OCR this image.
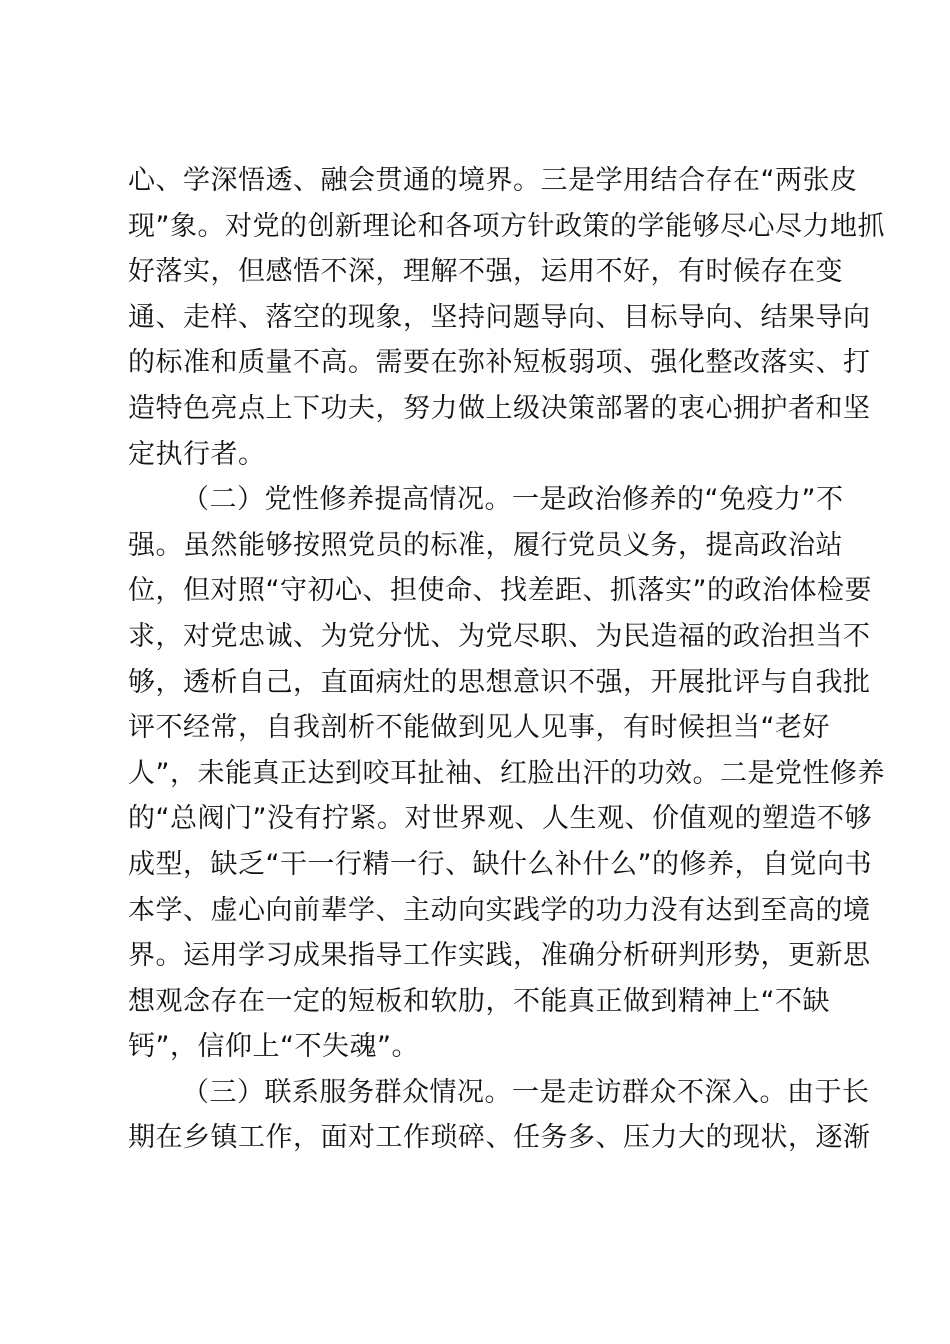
心、学深悟透、融会贯通的境界。三是学用结合存在“两张皮
现”象。对党的创新理论和各项方针政策的学能够尽心尽力地抓
好落实，但感悟不深，理解不强，运用不好，有时候存在变
通、走样、落空的现象，坚持问题导向、目标导向、结果导向
的标准和质量不高。需要在弥补短板弱项、强化整改落实、打
造特色亮点上下功夫，努力做上级决策部署的衷心拥护者和坚
定执行者。
（二）党性修养提高情况。一是政治修养的“免疫力”不
强。虽然能够按照党员的标准，履行党员义务，提高政治站
位，但对照“守初心、担使命、找差距、抓落实”的政治体检要
求，对党忠诚、为党分忧、为党尽职、为民造福的政治担当不
够，透析自己，直面病灶的思想意识不强，开展批评与自我批
评不经常，自我剖析不能做到见人见事，有时候担当“老好
人”，未能真正达到咬耳扯袖、红脸出汗的功效。二是党性修养
的“总阀门”没有拧紧。对世界观、人生观、价值观的塑造不够
成型，缺乏“干一行精一行、缺什么补什么”的修养，自觉向书
本学、虚心向前辈学、主动向实践学的功力没有达到至高的境
界。运用学习成果指导工作实践，准确分析研判形势，更新思
想观念存在一定的短板和软肋，不能真正做到精神上“不缺
钙”，信仰上“不失魂”。
（三）联系服务群众情况。一是走访群众不深入。由于长
期在乡镇工作，面对工作琐碎、任务多、压力大的现状，逐渐
